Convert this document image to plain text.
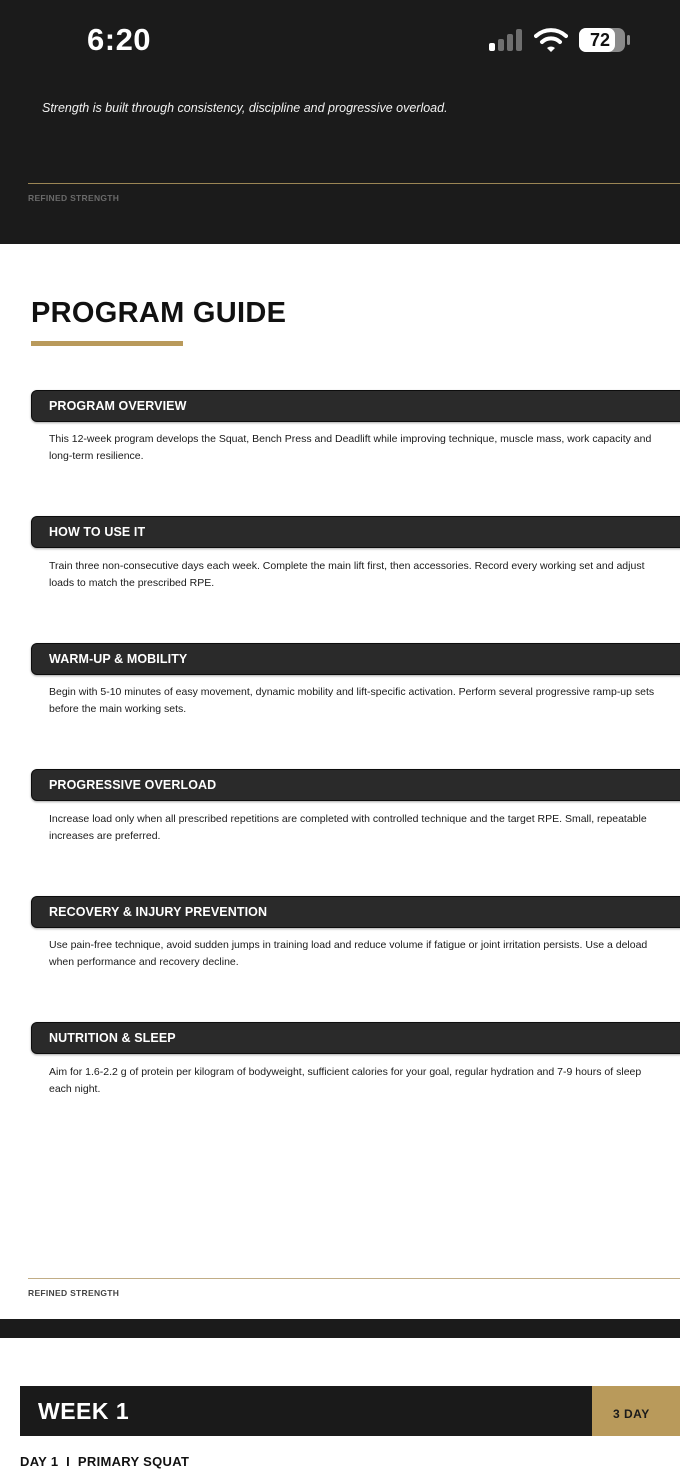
6:20	72
Strength is built through consistency, discipline and progressive overload.
REFINED STRENGTH
PROGRAM GUIDE
PROGRAM OVERVIEW
This 12-week program develops the Squat, Bench Press and Deadlift while improving technique, muscle mass, work capacity and long-term resilience.
HOW TO USE IT
Train three non-consecutive days each week. Complete the main lift first, then accessories. Record every working set and adjust loads to match the prescribed RPE.
WARM-UP & MOBILITY
Begin with 5-10 minutes of easy movement, dynamic mobility and lift-specific activation. Perform several progressive ramp-up sets before the main working sets.
PROGRESSIVE OVERLOAD
Increase load only when all prescribed repetitions are completed with controlled technique and the target RPE. Small, repeatable increases are preferred.
RECOVERY & INJURY PREVENTION
Use pain-free technique, avoid sudden jumps in training load and reduce volume if fatigue or joint irritation persists. Use a deload when performance and recovery decline.
NUTRITION & SLEEP
Aim for 1.6-2.2 g of protein per kilogram of bodyweight, sufficient calories for your goal, regular hydration and 7-9 hours of sleep each night.
REFINED STRENGTH
WEEK 1	3 DAY
DAY 1  I  PRIMARY SQUAT
